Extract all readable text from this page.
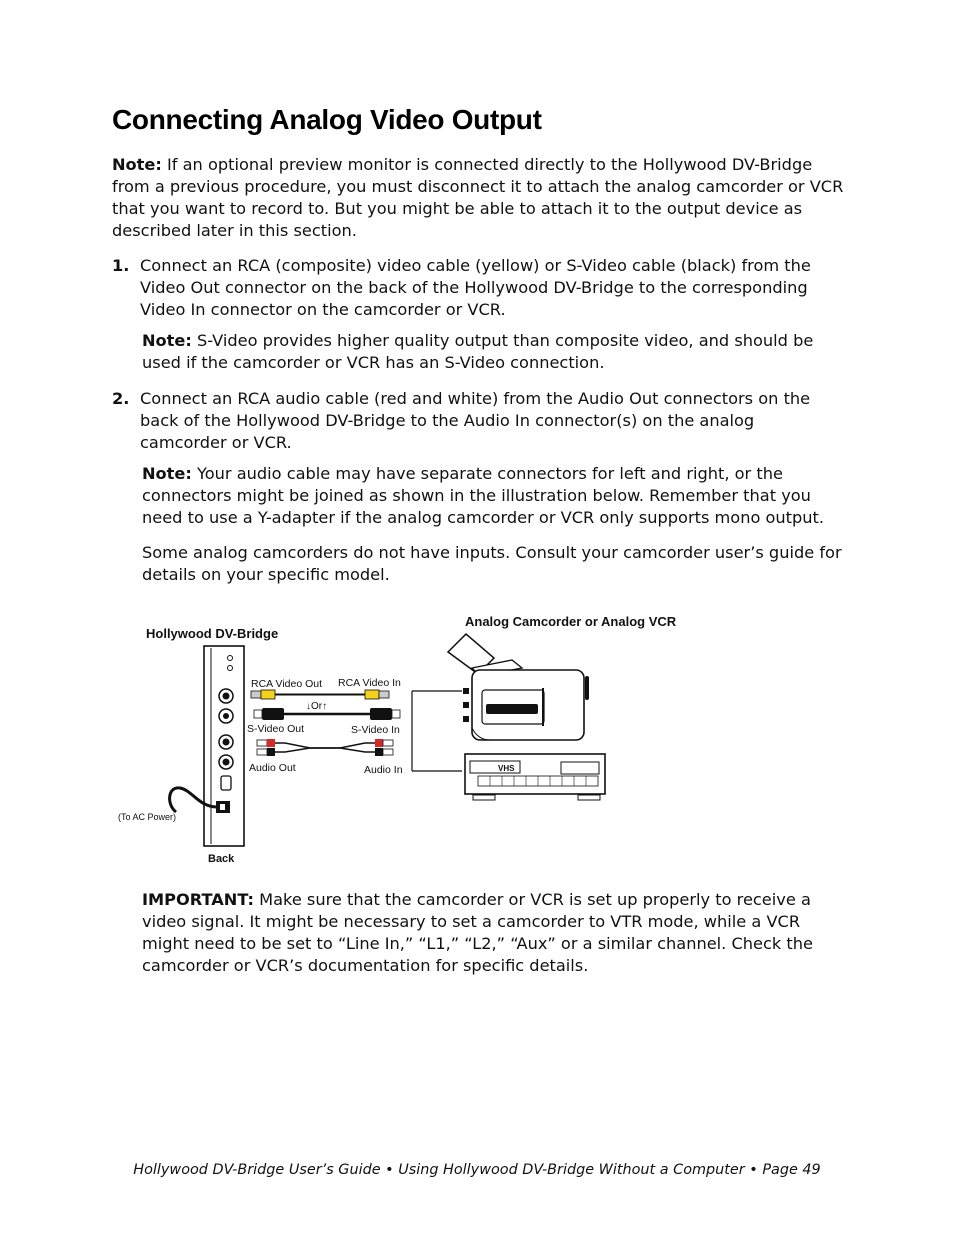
Connecting Analog Video Output

Note: If an optional preview monitor is connected directly to the Hollywood DV-Bridge from a previous procedure, you must disconnect it to attach the analog camcorder or VCR that you want to record to. But you might be able to attach it to the output device as described later in this section.

1. Connect an RCA (composite) video cable (yellow) or S-Video cable (black) from the Video Out connector on the back of the Hollywood DV-Bridge to the corresponding Video In connector on the camcorder or VCR.

Note: S-Video provides higher quality output than composite video, and should be used if the camcorder or VCR has an S-Video connection.

2. Connect an RCA audio cable (red and white) from the Audio Out connectors on the back of the Hollywood DV-Bridge to the Audio In connector(s) on the analog camcorder or VCR.

Note: Your audio cable may have separate connectors for left and right, or the connectors might be joined as shown in the illustration below. Remember that you need to use a Y-adapter if the analog camcorder or VCR only supports mono output.

Some analog camcorders do not have inputs. Consult your camcorder user’s guide for details on your specific model.

Hollywood DV-Bridge
Analog Camcorder or Analog VCR
Back
(To AC Power)
RCA Video Out RCA Video In
↓Or↑
S-Video Out	S-Video In
Audio Out	Audio In	VHS

IMPORTANT: Make sure that the camcorder or VCR is set up properly to receive a video signal. It might be necessary to set a camcorder to VTR mode, while a VCR might need to be set to “Line In,” “L1,” “L2,” “Aux” or a similar channel. Check the camcorder or VCR’s documentation for specific details.

Hollywood DV-Bridge User’s Guide • Using Hollywood DV-Bridge Without a Computer • Page 49
